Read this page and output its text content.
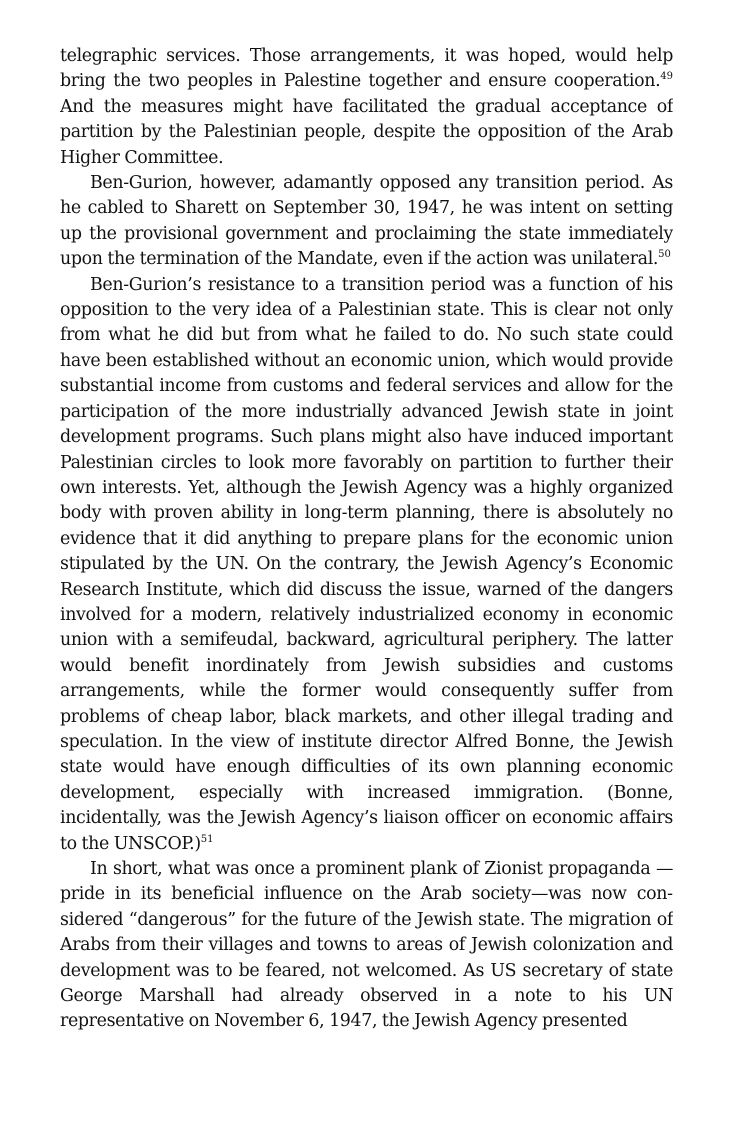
telegraphic services. Those arrangements, it was hoped, would help bring the two peoples in Palestine together and ensure cooperation.$^{49}$ And the measures might have facilitated the gradual acceptance of partition by the Palestinian people, despite the opposition of the Arab Higher Committee.

Ben-Gurion, however, adamantly opposed any transition period. As he cabled to Sharett on September 30, 1947, he was intent on setting up the provisional government and proclaiming the state immediately upon the termination of the Mandate, even if the action was unilateral.$^{50}$

Ben-Gurion’s resistance to a transition period was a function of his opposition to the very idea of a Palestinian state. This is clear not only from what he did but from what he failed to do. No such state could have been established without an economic union, which would provide substantial income from customs and federal services and allow for the participation of the more industrially advanced Jewish state in joint development programs. Such plans might also have induced important Palestinian circles to look more favorably on partition to further their own interests. Yet, although the Jewish Agency was a highly organized body with proven ability in long-term planning, there is absolutely no evidence that it did anything to prepare plans for the economic union stipulated by the UN. On the contrary, the Jewish Agency’s Economic Research Institute, which did discuss the issue, warned of the dangers involved for a modern, relatively industrialized economy in economic union with a semifeudal, backward, agricultural periphery. The latter would benefit inordinately from Jewish subsidies and customs arrangements, while the former would consequently suffer from problems of cheap labor, black markets, and other illegal trading and speculation. In the view of institute director Alfred Bonne, the Jewish state would have enough difficulties of its own planning economic development, especially with increased immigration. (Bonne, incidentally, was the Jewish Agency’s liaison officer on economic affairs to the UNSCOP.)$^{51}$

In short, what was once a prominent plank of Zionist propaganda —pride in its beneficial influence on the Arab society—was now considered “dangerous” for the future of the Jewish state. The migration of Arabs from their villages and towns to areas of Jewish colonization and development was to be feared, not welcomed. As US secretary of state George Marshall had already observed in a note to his UN representative on November 6, 1947, the Jewish Agency presented
